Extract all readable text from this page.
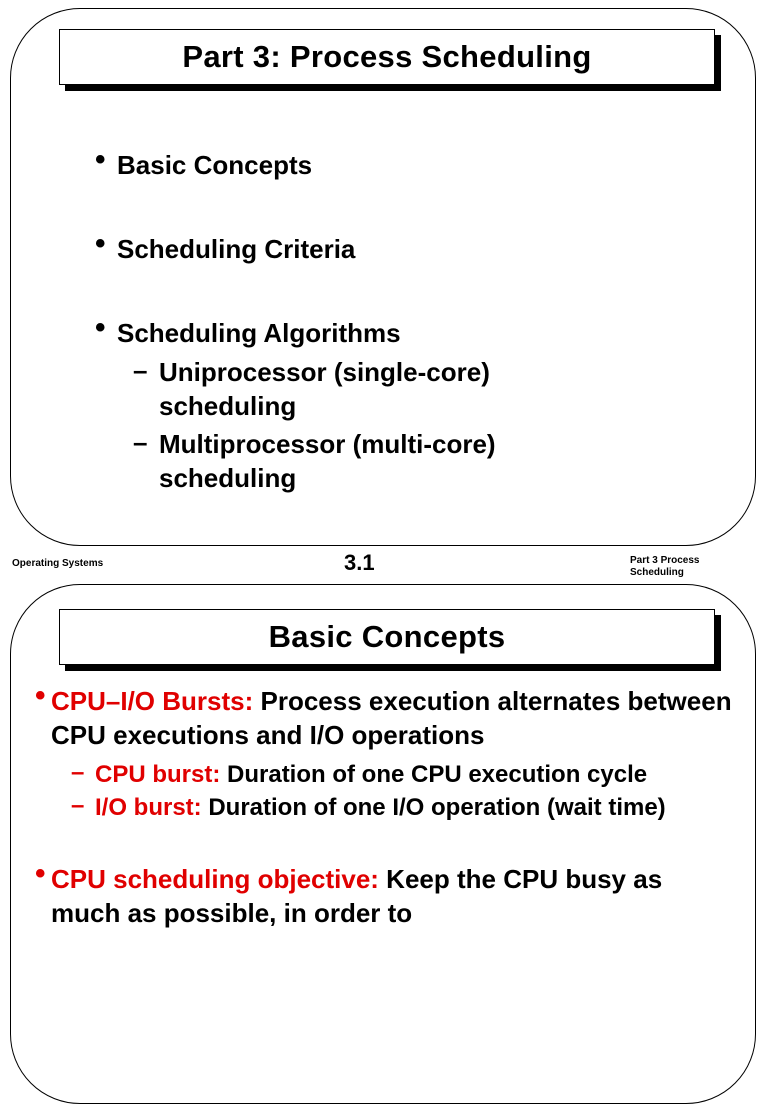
Part 3: Process Scheduling
• Basic Concepts
• Scheduling Criteria
• Scheduling Algorithms
– Uniprocessor (single-core) scheduling
– Multiprocessor (multi-core) scheduling
Operating Systems	3.1	Part 3 Process Scheduling
Basic Concepts
• CPU–I/O Bursts: Process execution alternates between CPU executions and I/O operations
– CPU burst: Duration of one CPU execution cycle
– I/O burst: Duration of one I/O operation (wait time)
• CPU scheduling objective: Keep the CPU busy as much as possible, in order to
